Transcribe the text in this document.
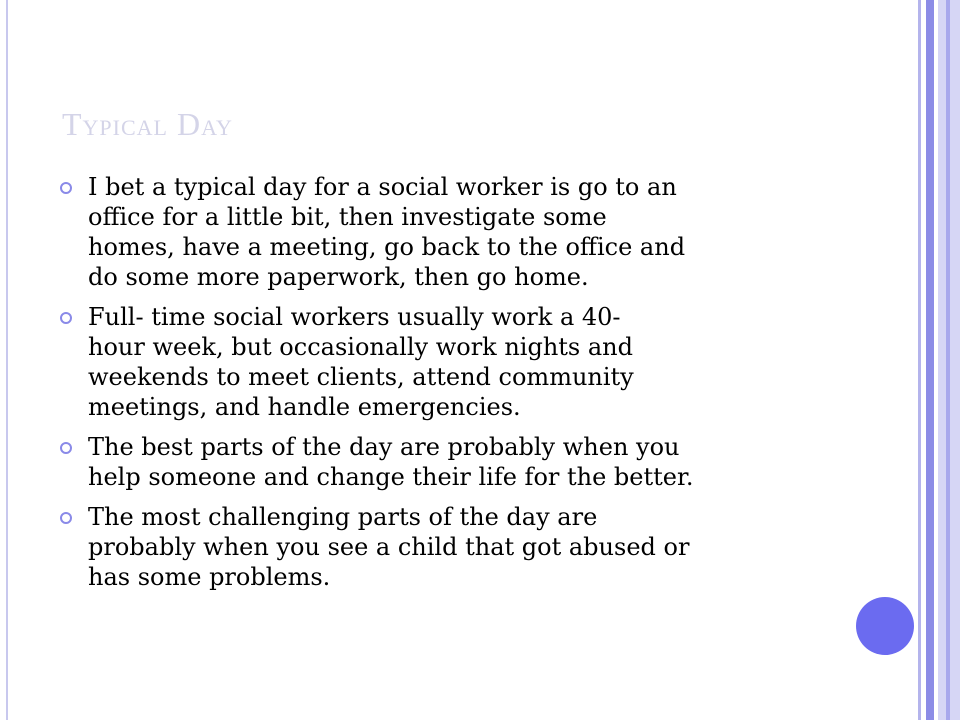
Typical Day
I bet a typical day for a social worker is go to an
office for a little bit, then investigate some
homes, have a meeting, go back to the office and
do some more paperwork, then go home.
Full- time social workers usually work a 40-
hour week, but occasionally work nights and
weekends to meet clients, attend community
meetings, and handle emergencies.
The best parts of the day are probably when you
help someone and change their life for the better.
The most challenging parts of the day are
probably when you see a child that got abused or
has some problems.
